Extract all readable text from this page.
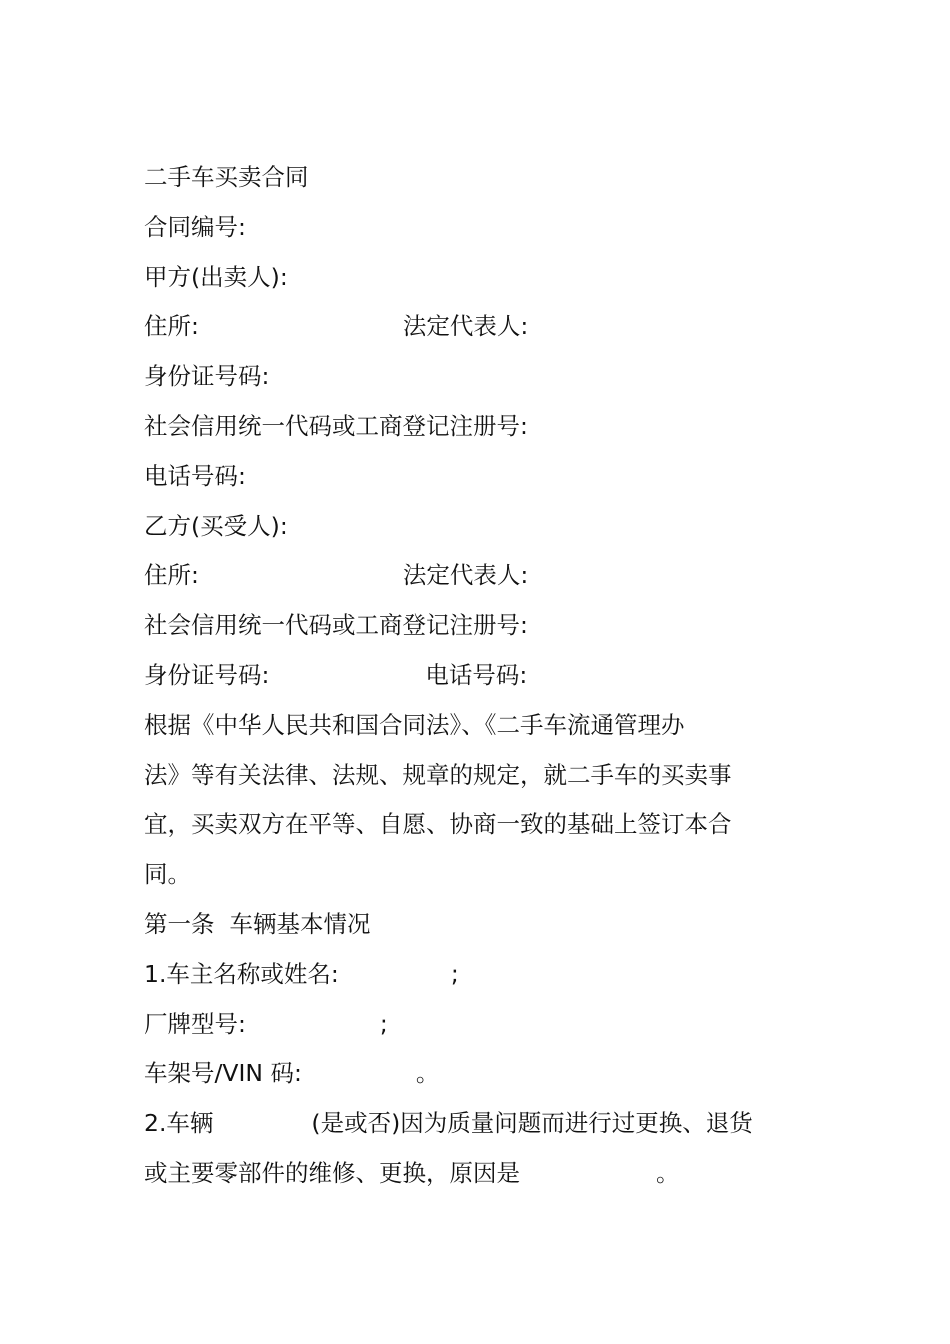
二手车买卖合同
合同编号:
甲方(出卖人):
住所:	法定代表人:
身份证号码:
社会信用统一代码或工商登记注册号:
电话号码:
乙方(买受人):
住所:	法定代表人:
社会信用统一代码或工商登记注册号:
身份证号码:	电话号码:
根据《中华人民共和国合同法》、《二手车流通管理办
法》等有关法律、法规、规章的规定，就二手车的买卖事
宜，买卖双方在平等、自愿、协商一致的基础上签订本合
同。
第一条  车辆基本情况
1.车主名称或姓名:	;
厂牌型号:	;
车架号/VIN 码:	。
2.车辆	(是或否)因为质量问题而进行过更换、退货
或主要零部件的维修、更换，原因是	。
